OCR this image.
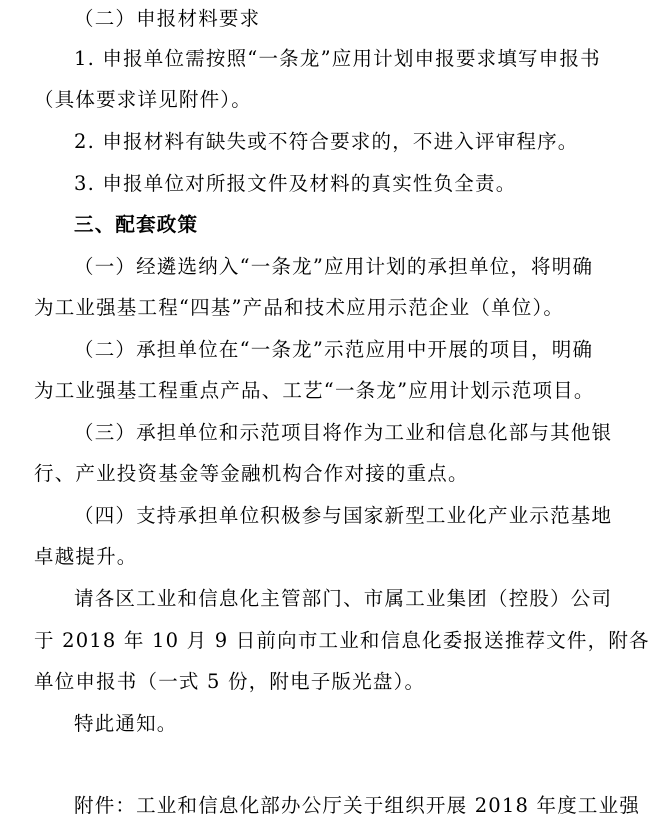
（二）申报材料要求
1. 申报单位需按照“一条龙”应用计划申报要求填写申报书
（具体要求详见附件）。
2. 申报材料有缺失或不符合要求的，不进入评审程序。
3. 申报单位对所报文件及材料的真实性负全责。
三、配套政策
（一）经遴选纳入“一条龙”应用计划的承担单位，将明确
为工业强基工程“四基”产品和技术应用示范企业（单位）。
（二）承担单位在“一条龙”示范应用中开展的项目，明确
为工业强基工程重点产品、工艺“一条龙”应用计划示范项目。
（三）承担单位和示范项目将作为工业和信息化部与其他银
行、产业投资基金等金融机构合作对接的重点。
（四）支持承担单位积极参与国家新型工业化产业示范基地
卓越提升。
请各区工业和信息化主管部门、市属工业集团（控股）公司
于 2018 年 10 月 9 日前向市工业和信息化委报送推荐文件，附各
单位申报书（一式 5 份，附电子版光盘）。
特此通知。
附件：工业和信息化部办公厅关于组织开展 2018 年度工业强
